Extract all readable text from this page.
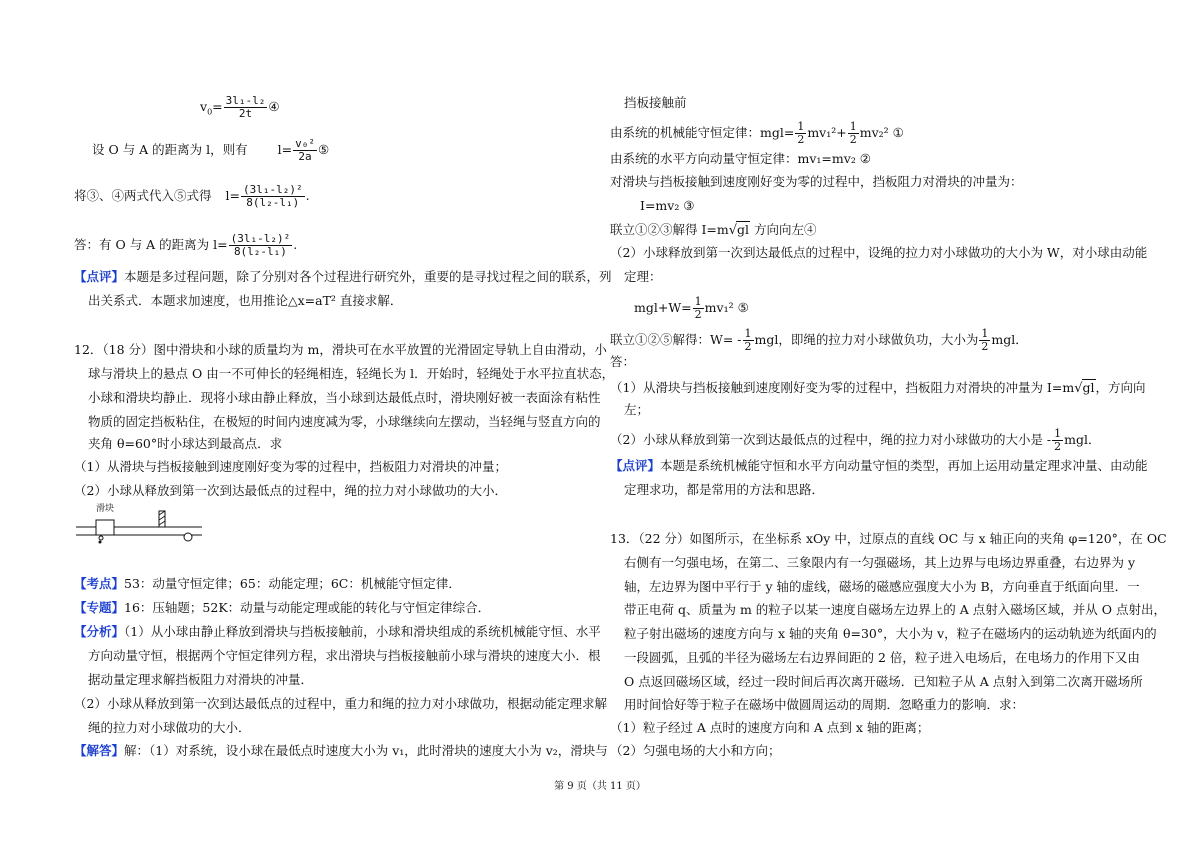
$v_0= \frac{\text{3l₁-l₂}}{2t}$ ④
设 O 与 A 的距离为 l，则有 $l= \frac{\text{v₀²}}{2a}$ ⑤
将③、④两式代入⑤式得 $l= \frac{\text{(3l₁-l₂)²}}{\text{8(l₂-l₁)}}$ .
答：有 O 与 A 的距离为 $l= \frac{\text{(3l₁-l₂)²}}{\text{8(l₂-l₁)}}$ .
【点评】本题是多过程问题，除了分别对各个过程进行研究外，重要的是寻找过程之间的联系，列
出关系式．本题求加速度，也用推论△x=aT² 直接求解．
12．（18 分）图中滑块和小球的质量均为 m，滑块可在水平放置的光滑固定导轨上自由滑动，小
球与滑块上的悬点 O 由一不可伸长的轻绳相连，轻绳长为 l．开始时，轻绳处于水平拉直状态，
小球和滑块均静止．现将小球由静止释放，当小球到达最低点时，滑块刚好被一表面涂有粘性
物质的固定挡板粘住，在极短的时间内速度减为零，小球继续向左摆动，当轻绳与竖直方向的
夹角 θ=60°时小球达到最高点．求
（1）从滑块与挡板接触到速度刚好变为零的过程中，挡板阻力对滑块的冲量；
（2）小球从释放到第一次到达最低点的过程中，绳的拉力对小球做功的大小．
滑块
【考点】53：动量守恒定律；65：动能定理；6C：机械能守恒定律．
【专题】16：压轴题；52K：动量与动能定理或能的转化与守恒定律综合．
【分析】（1）从小球由静止释放到滑块与挡板接触前，小球和滑块组成的系统机械能守恒、水平
方向动量守恒，根据两个守恒定律列方程，求出滑块与挡板接触前小球与滑块的速度大小．根
据动量定理求解挡板阻力对滑块的冲量．
（2）小球从释放到第一次到达最低点的过程中，重力和绳的拉力对小球做功，根据动能定理求解
绳的拉力对小球做功的大小．
【解答】解：（1）对系统，设小球在最低点时速度大小为 v₁，此时滑块的速度大小为 v₂，滑块与
挡板接触前
由系统的机械能守恒定律：$mgl= \frac{1}{2} mv_1^2+ \frac{1}{2} mv_2^2$ ①
由系统的水平方向动量守恒定律：mv₁=mv₂ ②
对滑块与挡板接触到速度刚好变为零的过程中，挡板阻力对滑块的冲量为：
I=mv₂ ③
联立①②③解得 I=m√gl 方向向左④
（2）小球释放到第一次到达最低点的过程中，设绳的拉力对小球做功的大小为 W，对小球由动能
定理：
$mgl+W= \frac{1}{2} mv_1^2$ ⑤
联立①②⑤解得：$W= - \frac{1}{2}$ mgl，即绳的拉力对小球做负功，大小为 $\frac{1}{2}$ mgl．
答：
（1）从滑块与挡板接触到速度刚好变为零的过程中，挡板阻力对滑块的冲量为 I=m√gl，方向向
左；
（2）小球从释放到第一次到达最低点的过程中，绳的拉力对小球做功的大小是 - $\frac{1}{2}$ mgl．
【点评】本题是系统机械能守恒和水平方向动量守恒的类型，再加上运用动量定理求冲量、由动能
定理求功，都是常用的方法和思路．
13．（22 分）如图所示，在坐标系 xOy 中，过原点的直线 OC 与 x 轴正向的夹角 φ=120°，在 OC
右侧有一匀强电场，在第二、三象限内有一匀强磁场，其上边界与电场边界重叠，右边界为 y
轴，左边界为图中平行于 y 轴的虚线，磁场的磁感应强度大小为 B，方向垂直于纸面向里．一
带正电荷 q、质量为 m 的粒子以某一速度自磁场左边界上的 A 点射入磁场区域，并从 O 点射出，
粒子射出磁场的速度方向与 x 轴的夹角 θ=30°，大小为 v，粒子在磁场内的运动轨迹为纸面内的
一段圆弧，且弧的半径为磁场左右边界间距的 2 倍，粒子进入电场后，在电场力的作用下又由
O 点返回磁场区域，经过一段时间后再次离开磁场．已知粒子从 A 点射入到第二次离开磁场所
用时间恰好等于粒子在磁场中做圆周运动的周期．忽略重力的影响．求：
（1）粒子经过 A 点时的速度方向和 A 点到 x 轴的距离；
（2）匀强电场的大小和方向；
第 9 页（共 11 页）
